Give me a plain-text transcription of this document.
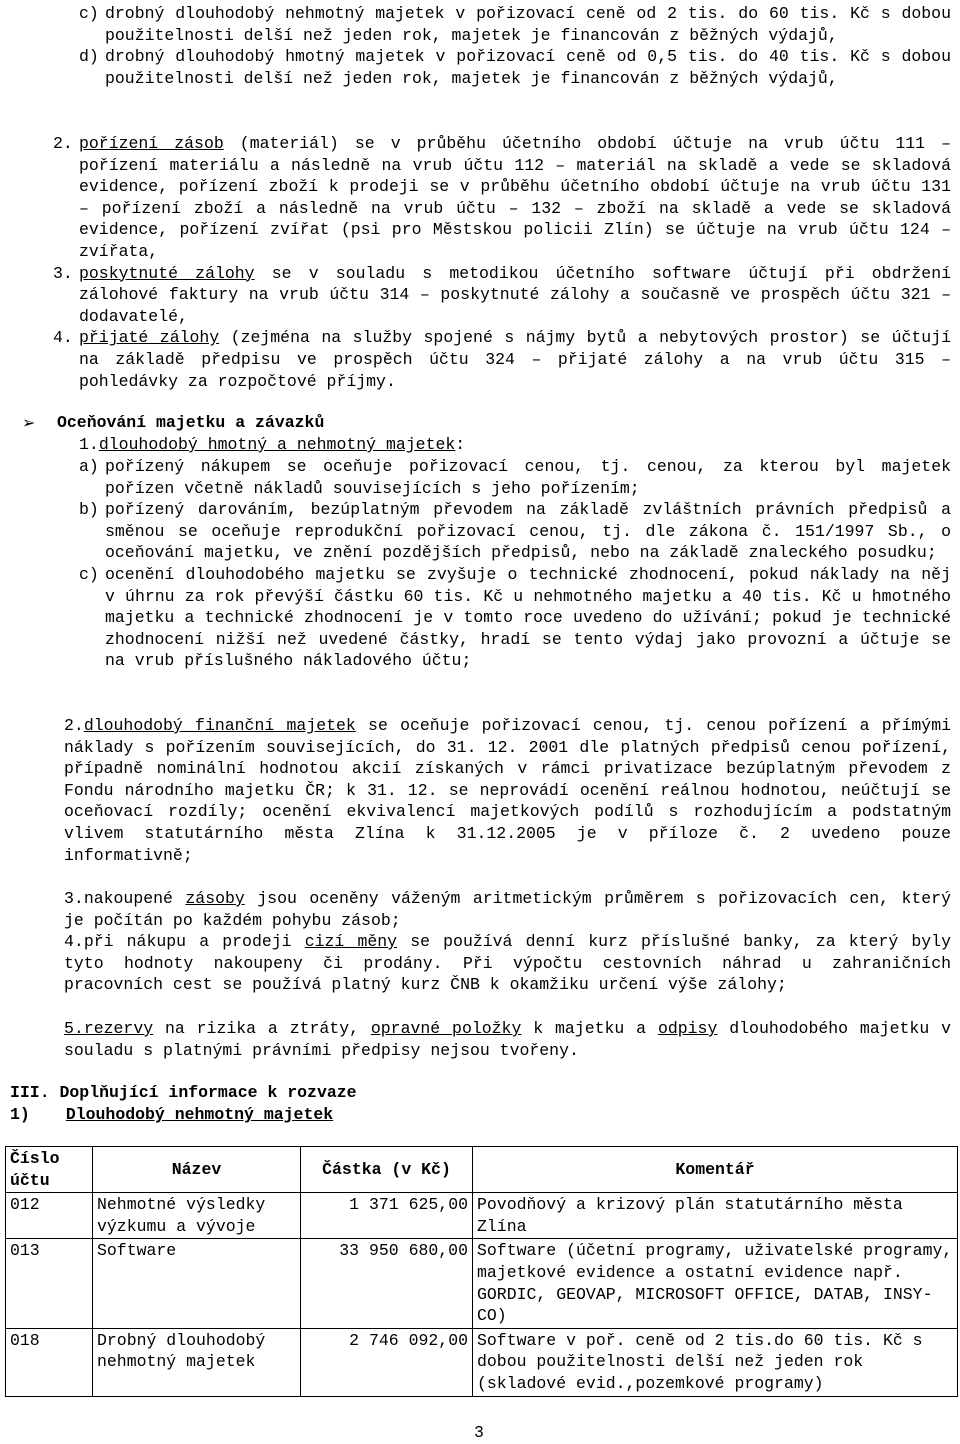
c) drobný dlouhodobý nehmotný majetek v pořizovací ceně od 2 tis. do 60 tis. Kč s dobou použitelnosti delší než jeden rok, majetek je financován z běžných výdajů,
d) drobný dlouhodobý hmotný majetek v pořizovací ceně od 0,5 tis. do 40 tis. Kč s dobou použitelnosti delší než jeden rok, majetek je financován z běžných výdajů,
2. pořízení zásob (materiál) se v průběhu účetního období účtuje na vrub účtu 111 – pořízení materiálu a následně na vrub účtu 112 – materiál na skladě a vede se skladová evidence, pořízení zboží k prodeji se v průběhu účetního období účtuje na vrub účtu 131 – pořízení zboží a následně na vrub účtu – 132 – zboží na skladě a vede se skladová evidence, pořízení zvířat (psi pro Městskou policii Zlín) se účtuje na vrub účtu 124 – zvířata,
3. poskytnuté zálohy se v souladu s metodikou účetního software účtují při obdržení zálohové faktury na vrub účtu 314 – poskytnuté zálohy a současně ve prospěch účtu 321 – dodavatelé,
4. přijaté zálohy (zejména na služby spojené s nájmy bytů a nebytových prostor) se účtují na základě předpisu ve prospěch účtu 324 – přijaté zálohy a na vrub účtu 315 – pohledávky za rozpočtové příjmy.
➢ Oceňování majetku a závazků
1.dlouhodobý hmotný a nehmotný majetek:
a) pořízený nákupem se oceňuje pořizovací cenou, tj. cenou, za kterou byl majetek pořízen včetně nákladů souvisejících s jeho pořízením;
b) pořízený darováním, bezúplatným převodem na základě zvláštních právních předpisů a směnou se oceňuje reprodukční pořizovací cenou, tj. dle zákona č. 151/1997 Sb., o oceňování majetku, ve znění pozdějších předpisů, nebo na základě znaleckého posudku;
c) ocenění dlouhodobého majetku se zvyšuje o technické zhodnocení, pokud náklady na něj v úhrnu za rok převýší částku 60 tis. Kč u nehmotného majetku a 40 tis. Kč u hmotného majetku a technické zhodnocení je v tomto roce uvedeno do užívání; pokud je technické zhodnocení nižší než uvedené částky, hradí se tento výdaj jako provozní a účtuje se na vrub příslušného nákladového účtu;
2.dlouhodobý finanční majetek se oceňuje pořizovací cenou, tj. cenou pořízení a přímými náklady s pořízením souvisejících, do 31. 12. 2001 dle platných předpisů cenou pořízení, případně nominální hodnotou akcií získaných v rámci privatizace bezúplatným převodem z Fondu národního majetku ČR; k 31. 12. se neprovádí ocenění reálnou hodnotou, neúčtují se oceňovací rozdíly; ocenění ekvivalencí majetkových podílů s rozhodujícím a podstatným vlivem statutárního města Zlína k 31.12.2005 je v příloze č. 2 uvedeno pouze informativně;
3.nakoupené zásoby jsou oceněny váženým aritmetickým průměrem s pořizovacích cen, který je počítán po každém pohybu zásob;
4.při nákupu a prodeji cizí měny se používá denní kurz příslušné banky, za který byly tyto hodnoty nakoupeny či prodány. Při výpočtu cestovních náhrad u zahraničních pracovních cest se používá platný kurz ČNB k okamžiku určení výše zálohy;
5.rezervy na rizika a ztráty, opravné položky k majetku a odpisy dlouhodobého majetku v souladu s platnými právními předpisy nejsou tvořeny.
III. Doplňující informace k rozvaze
1) Dlouhodobý nehmotný majetek
Číslo účtu	Název	Částka (v Kč)	Komentář
012	Nehmotné výsledky výzkumu a vývoje	1 371 625,00	Povodňový a krizový plán statutárního města Zlína
013	Software	33 950 680,00	Software (účetní programy, uživatelské programy, majetkové evidence a ostatní evidence např. GORDIC, GEOVAP, MICROSOFT OFFICE, DATAB, INSY-CO)
018	Drobný dlouhodobý nehmotný majetek	2 746 092,00	Software v poř. ceně od 2 tis.do 60 tis. Kč s dobou použitelnosti delší než jeden rok (skladové evid.,pozemkové programy)
3
